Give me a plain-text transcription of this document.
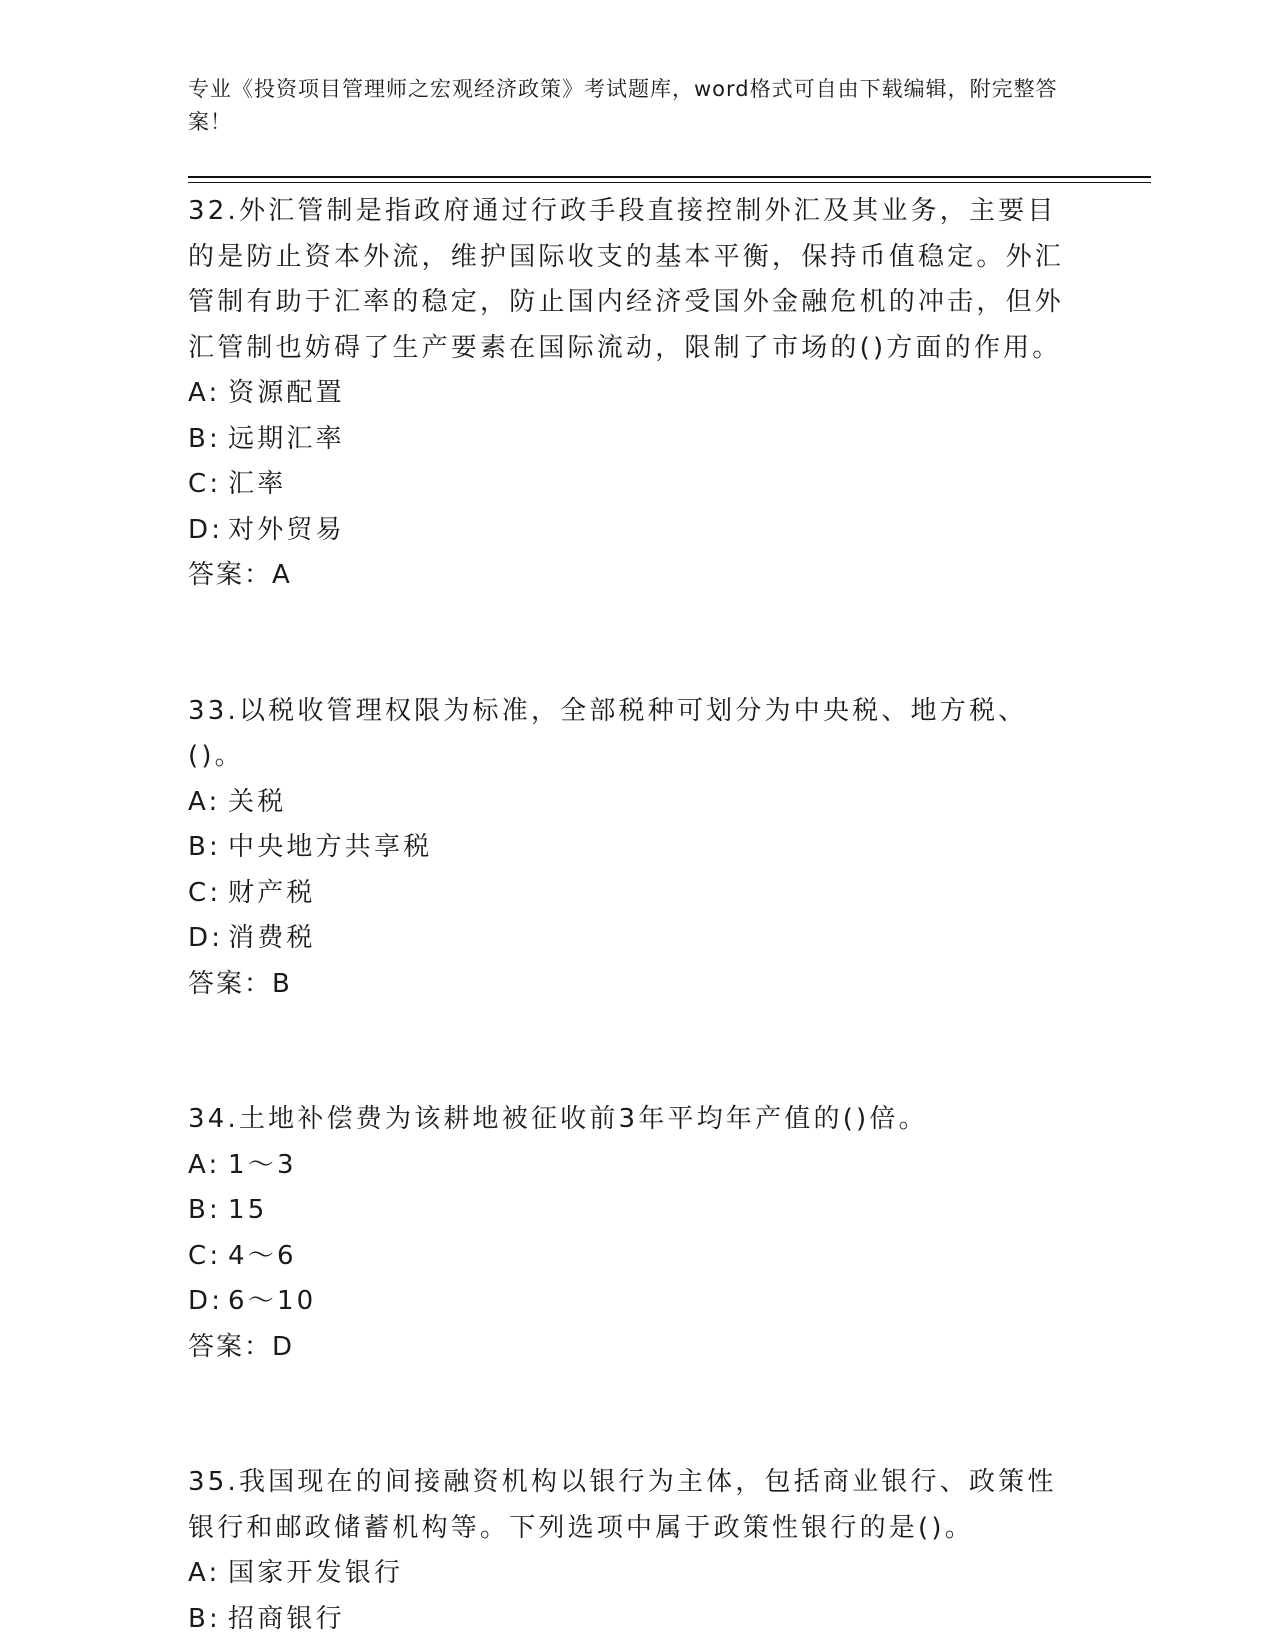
专业《投资项目管理师之宏观经济政策》考试题库，word格式可自由下载编辑，附完整答案！
32.外汇管制是指政府通过行政手段直接控制外汇及其业务，主要目的是防止资本外流，维护国际收支的基本平衡，保持币值稳定。外汇管制有助于汇率的稳定，防止国内经济受国外金融危机的冲击，但外汇管制也妨碍了生产要素在国际流动，限制了市场的()方面的作用。
A: 资源配置
B: 远期汇率
C: 汇率
D: 对外贸易
答案：A
33.以税收管理权限为标准，全部税种可划分为中央税、地方税、()。
A: 关税
B: 中央地方共享税
C: 财产税
D: 消费税
答案：B
34.土地补偿费为该耕地被征收前3年平均年产值的()倍。
A: 1～3
B: 15
C: 4～6
D: 6～10
答案：D
35.我国现在的间接融资机构以银行为主体，包括商业银行、政策性银行和邮政储蓄机构等。下列选项中属于政策性银行的是()。
A: 国家开发银行
B: 招商银行
